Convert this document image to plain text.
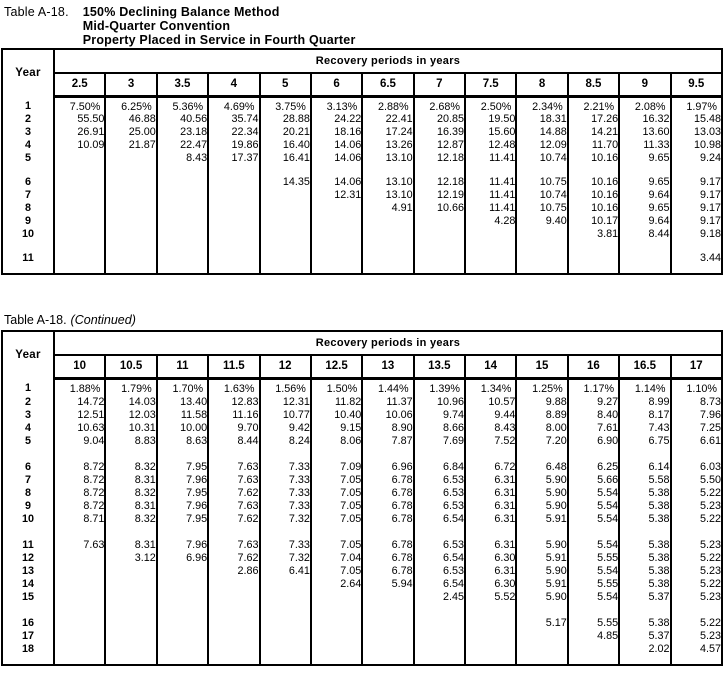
Table A-18. 150% Declining Balance Method
Mid-Quarter Convention
Property Placed in Service in Fourth Quarter
Year	Recovery periods in years												
	2.5	3	3.5	4	5	6	6.5	7	7.5	8	8.5	9	9.5
1	7.50%	6.25%	5.36%	4.69%	3.75%	3.13%	2.88%	2.68%	2.50%	2.34%	2.21%	2.08%	1.97%
2	55.50	46.88	40.56	35.74	28.88	24.22	22.41	20.85	19.50	18.31	17.26	16.32	15.48
3	26.91	25.00	23.18	22.34	20.21	18.16	17.24	16.39	15.60	14.88	14.21	13.60	13.03
4	10.09	21.87	22.47	19.86	16.40	14.06	13.26	12.87	12.48	12.09	11.70	11.33	10.98
5			8.43	17.37	16.41	14.06	13.10	12.18	11.41	10.74	10.16	9.65	9.24

6					14.35	14.06	13.10	12.18	11.41	10.75	10.16	9.65	9.17
7						12.31	13.10	12.19	11.41	10.74	10.16	9.64	9.17
8							4.91	10.66	11.41	10.75	10.16	9.65	9.17
9									4.28	9.40	10.17	9.64	9.17
10											3.81	8.44	9.18

11													3.44

Table A-18. (Continued)
Year	Recovery periods in years												
	10	10.5	11	11.5	12	12.5	13	13.5	14	15	16	16.5	17
1	1.88%	1.79%	1.70%	1.63%	1.56%	1.50%	1.44%	1.39%	1.34%	1.25%	1.17%	1.14%	1.10%
2	14.72	14.03	13.40	12.83	12.31	11.82	11.37	10.96	10.57	9.88	9.27	8.99	8.73
3	12.51	12.03	11.58	11.16	10.77	10.40	10.06	9.74	9.44	8.89	8.40	8.17	7.96
4	10.63	10.31	10.00	9.70	9.42	9.15	8.90	8.66	8.43	8.00	7.61	7.43	7.25
5	9.04	8.83	8.63	8.44	8.24	8.06	7.87	7.69	7.52	7.20	6.90	6.75	6.61

6	8.72	8.32	7.95	7.63	7.33	7.09	6.96	6.84	6.72	6.48	6.25	6.14	6.03
7	8.72	8.31	7.96	7.63	7.33	7.05	6.78	6.53	6.31	5.90	5.66	5.58	5.50
8	8.72	8.32	7.95	7.62	7.33	7.05	6.78	6.53	6.31	5.90	5.54	5.38	5.22
9	8.72	8.31	7.96	7.63	7.33	7.05	6.78	6.53	6.31	5.90	5.54	5.38	5.23
10	8.71	8.32	7.95	7.62	7.32	7.05	6.78	6.54	6.31	5.91	5.54	5.38	5.22

11	7.63	8.31	7.96	7.63	7.33	7.05	6.78	6.53	6.31	5.90	5.54	5.38	5.23
12		3.12	6.96	7.62	7.32	7.04	6.78	6.54	6.30	5.91	5.55	5.38	5.22
13				2.86	6.41	7.05	6.78	6.53	6.31	5.90	5.54	5.38	5.23
14						2.64	5.94	6.54	6.30	5.91	5.55	5.38	5.22
15								2.45	5.52	5.90	5.54	5.37	5.23

16										5.17	5.55	5.38	5.22
17											4.85	5.37	5.23
18												2.02	4.57
